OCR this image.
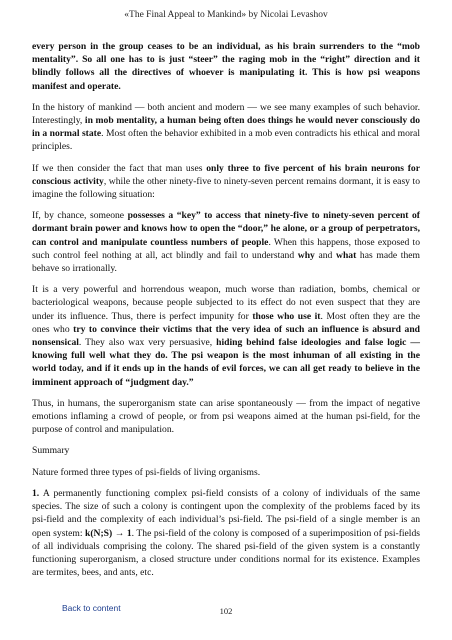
«The Final Appeal to Mankind» by Nicolai Levashov

every person in the group ceases to be an individual, as his brain surrenders to the “mob mentality”. So all one has to is just “steer” the raging mob in the “right” direction and it blindly follows all the directives of whoever is manipulating it. This is how psi weapons manifest and operate.

In the history of mankind — both ancient and modern — we see many examples of such behavior. Interestingly, in mob mentality, a human being often does things he would never consciously do in a normal state. Most often the behavior exhibited in a mob even contradicts his ethical and moral principles.

If we then consider the fact that man uses only three to five percent of his brain neurons for conscious activity, while the other ninety-five to ninety-seven percent remains dormant, it is easy to imagine the following situation:

If, by chance, someone possesses a “key” to access that ninety-five to ninety-seven percent of dormant brain power and knows how to open the “door,” he alone, or a group of perpetrators, can control and manipulate countless numbers of people. When this happens, those exposed to such control feel nothing at all, act blindly and fail to understand why and what has made them behave so irrationally.

It is a very powerful and horrendous weapon, much worse than radiation, bombs, chemical or bacteriological weapons, because people subjected to its effect do not even suspect that they are under its influence. Thus, there is perfect impunity for those who use it. Most often they are the ones who try to convince their victims that the very idea of such an influence is absurd and nonsensical. They also wax very persuasive, hiding behind false ideologies and false logic — knowing full well what they do. The psi weapon is the most inhuman of all existing in the world today, and if it ends up in the hands of evil forces, we can all get ready to believe in the imminent approach of “judgment day.”

Thus, in humans, the superorganism state can arise spontaneously — from the impact of negative emotions inflaming a crowd of people, or from psi weapons aimed at the human psi-field, for the purpose of control and manipulation.

Summary

Nature formed three types of psi-fields of living organisms.

1. A permanently functioning complex psi-field consists of a colony of individuals of the same species. The size of such a colony is contingent upon the complexity of the problems faced by its psi-field and the complexity of each individual’s psi-field. The psi-field of a single member is an open system: k(N;S) → 1. The psi-field of the colony is composed of a superimposition of psi-fields of all individuals comprising the colony. The shared psi-field of the given system is a constantly functioning superorganism, a closed structure under conditions normal for its existence. Examples are termites, bees, and ants, etc.

Back to content	102
